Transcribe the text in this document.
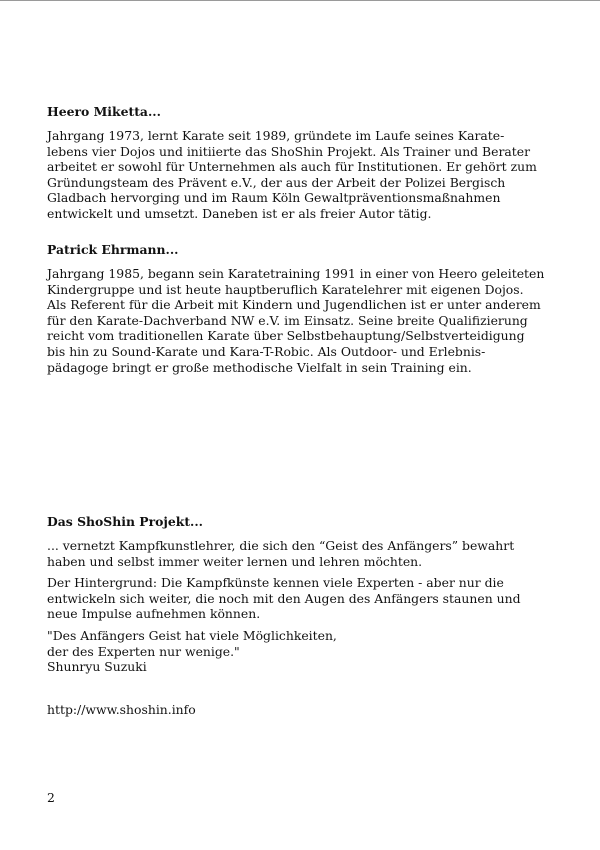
Heero Miketta...

Jahrgang 1973, lernt Karate seit 1989, gründete im Laufe seines Karate-
lebens vier Dojos und initiierte das ShoShin Projekt. Als Trainer und Berater
arbeitet er sowohl für Unternehmen als auch für Institutionen. Er gehört zum
Gründungsteam des Prävent e.V., der aus der Arbeit der Polizei Bergisch
Gladbach hervorging und im Raum Köln Gewaltpräventionsmaßnahmen
entwickelt und umsetzt. Daneben ist er als freier Autor tätig.

Patrick Ehrmann...

Jahrgang 1985, begann sein Karatetraining 1991 in einer von Heero geleiteten
Kindergruppe und ist heute hauptberuflich Karatelehrer mit eigenen Dojos.
Als Referent für die Arbeit mit Kindern und Jugendlichen ist er unter anderem
für den Karate-Dachverband NW e.V. im Einsatz. Seine breite Qualifizierung
reicht vom traditionellen Karate über Selbstbehauptung/Selbstverteidigung
bis hin zu Sound-Karate und Kara-T-Robic. Als Outdoor- und Erlebnis-
pädagoge bringt er große methodische Vielfalt in sein Training ein.

Das ShoShin Projekt...

... vernetzt Kampfkunstlehrer, die sich den “Geist des Anfängers” bewahrt
haben und selbst immer weiter lernen und lehren möchten.

Der Hintergrund: Die Kampfkünste kennen viele Experten - aber nur die
entwickeln sich weiter, die noch mit den Augen des Anfängers staunen und
neue Impulse aufnehmen können.

"Des Anfängers Geist hat viele Möglichkeiten,
der des Experten nur wenige."
Shunryu Suzuki

http://www.shoshin.info
2
